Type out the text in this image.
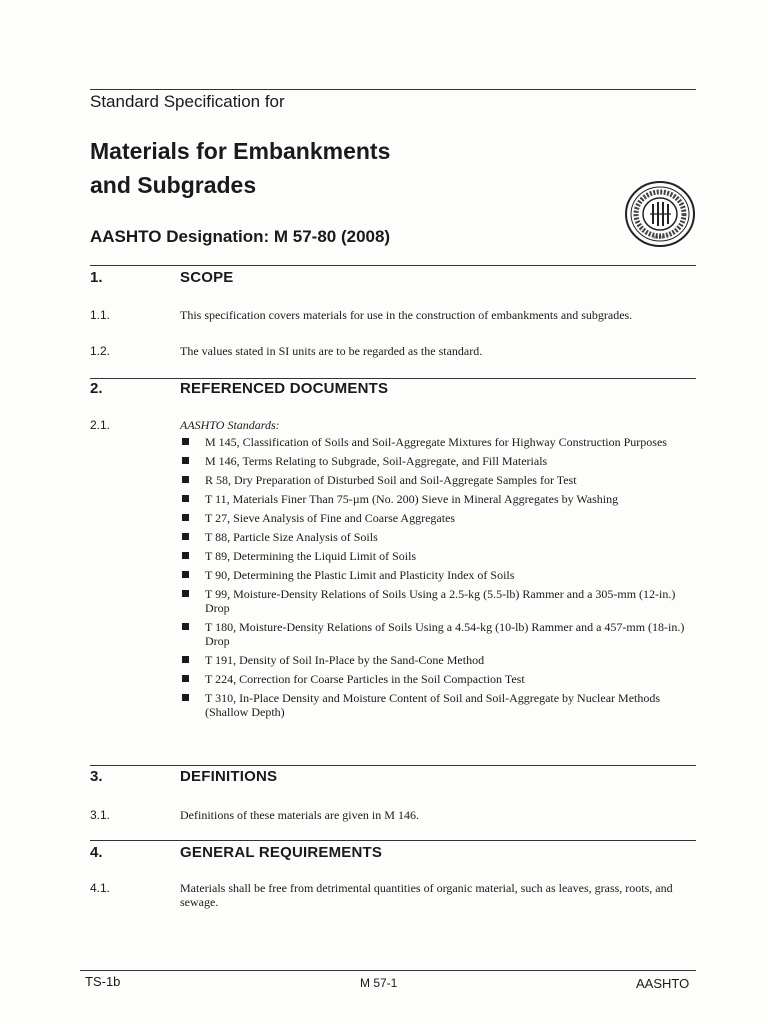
Standard Specification for
Materials for Embankments
and Subgrades
AASHTO Designation: M 57-80 (2008)	1914
1.	SCOPE
1.1.	This specification covers materials for use in the construction of embankments and subgrades.
1.2.	The values stated in SI units are to be regarded as the standard.
2.	REFERENCED DOCUMENTS
2.1.	AASHTO Standards:
M 145, Classification of Soils and Soil-Aggregate Mixtures for Highway Construction Purposes
M 146, Terms Relating to Subgrade, Soil-Aggregate, and Fill Materials
R 58, Dry Preparation of Disturbed Soil and Soil-Aggregate Samples for Test
T 11, Materials Finer Than 75-µm (No. 200) Sieve in Mineral Aggregates by Washing
T 27, Sieve Analysis of Fine and Coarse Aggregates
T 88, Particle Size Analysis of Soils
T 89, Determining the Liquid Limit of Soils
T 90, Determining the Plastic Limit and Plasticity Index of Soils
T 99, Moisture-Density Relations of Soils Using a 2.5-kg (5.5-lb) Rammer and a 305-mm (12-in.) Drop
T 180, Moisture-Density Relations of Soils Using a 4.54-kg (10-lb) Rammer and a 457-mm (18-in.) Drop
T 191, Density of Soil In-Place by the Sand-Cone Method
T 224, Correction for Coarse Particles in the Soil Compaction Test
T 310, In-Place Density and Moisture Content of Soil and Soil-Aggregate by Nuclear Methods (Shallow Depth)
3.	DEFINITIONS
3.1.	Definitions of these materials are given in M 146.
4.	GENERAL REQUIREMENTS
4.1.	Materials shall be free from detrimental quantities of organic material, such as leaves, grass, roots, and sewage.
TS-1b	M 57-1	AASHTO
